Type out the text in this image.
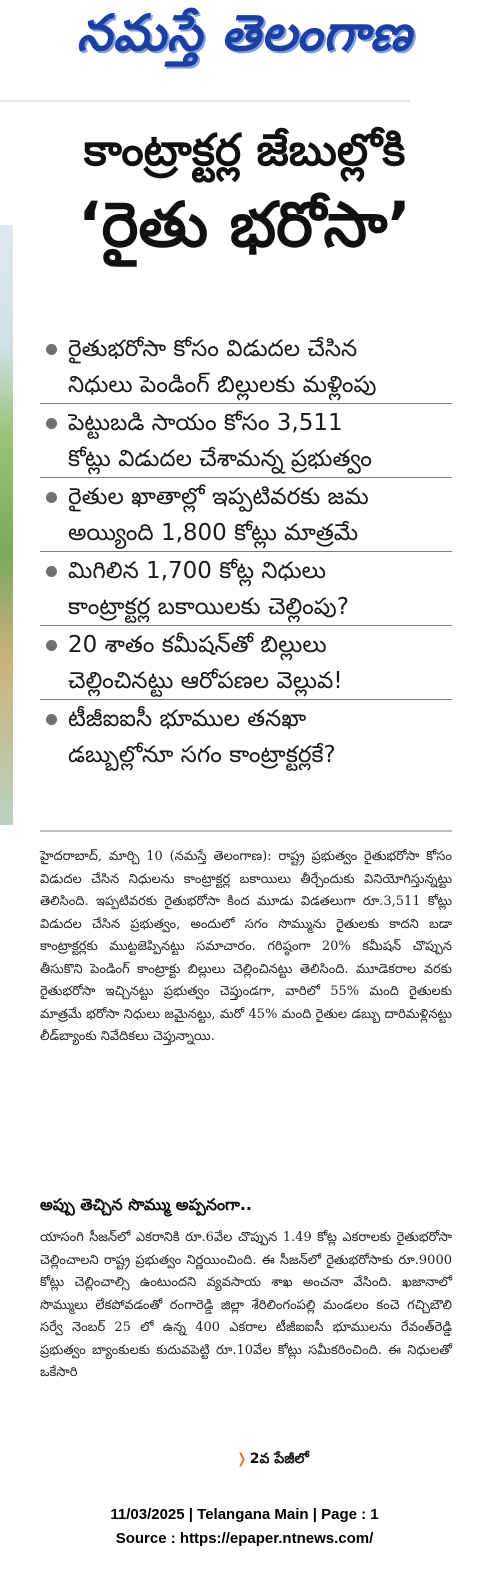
నమస్తే తెలంగాణ
కాంట్రాక్టర్ల జేబుల్లోకి
‘రైతు భరోసా’
రైతుభరోసా కోసం విడుదల చేసిన
నిధులు పెండింగ్ బిల్లులకు మళ్లింపు
పెట్టుబడి సాయం కోసం 3,511
కోట్లు విడుదల చేశామన్న ప్రభుత్వం
రైతుల ఖాతాల్లో ఇప్పటివరకు జమ
అయ్యింది 1,800 కోట్లు మాత్రమే
మిగిలిన 1,700 కోట్ల నిధులు
కాంట్రాక్టర్ల బకాయిలకు చెల్లింపు?
20 శాతం కమీషన్‌తో బిల్లులు
చెల్లించినట్టు ఆరోపణల వెల్లువ!
టీజీఐఐసీ భూముల తనఖా
డబ్బుల్లోనూ సగం కాంట్రాక్టర్లకే?
హైదరాబాద్, మార్చి 10 (నమస్తే తెలంగాణ): రాష్ట్ర ప్రభుత్వం రైతుభరోసా కోసం విడుదల చేసిన నిధులను కాంట్రాక్టర్ల బకాయిలు తీర్చేందుకు వినియోగిస్తున్నట్టు తెలిసింది. ఇప్పటివరకు రైతుభరోసా కింద మూడు విడతలుగా రూ.3,511 కోట్లు విడుదల చేసిన ప్రభుత్వం, అందులో సగం సొమ్మును రైతులకు కాదని బడా కాంట్రాక్టర్లకు ముట్టజెప్పినట్టు సమాచారం. గరిష్ఠంగా 20% కమీషన్ చొప్పున తీసుకొని పెండింగ్ కాంట్రాక్టు బిల్లులు చెల్లించినట్టు తెలిసింది. మూడెకరాల వరకు రైతుభరోసా ఇచ్చినట్టు ప్రభుత్వం చెప్తుండగా, వారిలో 55% మంది రైతులకు మాత్రమే భరోసా నిధులు జమైనట్టు, మరో 45% మంది రైతుల డబ్బు దారిమళ్లినట్టు లీడ్‌బ్యాంకు నివేదికలు చెప్తున్నాయి.
అప్పు తెచ్చిన సొమ్ము అప్పనంగా..
యాసంగి సీజన్‌లో ఎకరానికి రూ.6వేల చొప్పున 1.49 కోట్ల ఎకరాలకు రైతుభరోసా చెల్లించాలని రాష్ట్ర ప్రభుత్వం నిర్ణయించింది. ఈ సీజన్‌లో రైతుభరోసాకు రూ.9000 కోట్లు చెల్లించాల్సి ఉంటుందని వ్యవసాయ శాఖ అంచనా వేసింది. ఖజానాలో సొమ్ములు లేకపోవడంతో రంగారెడ్డి జిల్లా శేరిలింగంపల్లి మండలం కంచె గచ్చిబౌలి సర్వే నెంబర్ 25 లో ఉన్న 400 ఎకరాల టీజీఐఐసీ భూములను రేవంత్‌రెడ్డి ప్రభుత్వం బ్యాంకులకు కుదువపెట్టి రూ.10వేల కోట్లు సమీకరించింది. ఈ నిధులతో ఒకేసారి
❭ 2వ పేజీలో
11/03/2025 | Telangana Main | Page : 1
Source : https://epaper.ntnews.com/
